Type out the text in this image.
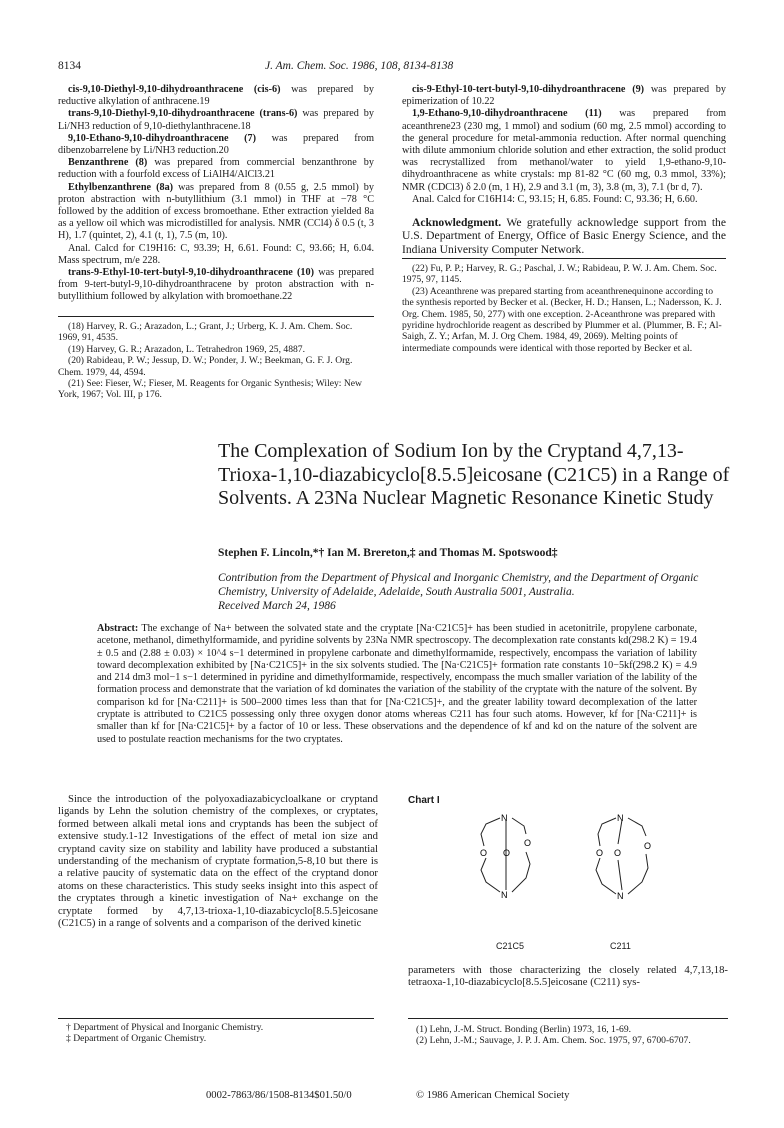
8134	J. Am. Chem. Soc. 1986, 108, 8134-8138

cis-9,10-Diethyl-9,10-dihydroanthracene (cis-6) was prepared by reductive alkylation of anthracene.19

trans-9,10-Diethyl-9,10-dihydroanthracene (trans-6) was prepared by Li/NH3 reduction of 9,10-diethylanthracene.18

9,10-Ethano-9,10-dihydroanthracene (7) was prepared from dibenzobarrelene by Li/NH3 reduction.20

Benzanthrene (8) was prepared from commercial benzanthrone by reduction with a fourfold excess of LiAlH4/AlCl3.21

Ethylbenzanthrene (8a) was prepared from 8 (0.55 g, 2.5 mmol) by proton abstraction with n-butyllithium (3.1 mmol) in THF at −78 °C followed by the addition of excess bromoethane. Ether extraction yielded 8a as a yellow oil which was microdistilled for analysis. NMR (CCl4) δ 0.5 (t, 3 H), 1.7 (quintet, 2), 4.1 (t, 1), 7.5 (m, 10).

Anal. Calcd for C19H16: C, 93.39; H, 6.61. Found: C, 93.66; H, 6.04. Mass spectrum, m/e 228.

trans-9-Ethyl-10-tert-butyl-9,10-dihydroanthracene (10) was prepared from 9-tert-butyl-9,10-dihydroanthracene by proton abstraction with n-butyllithium followed by alkylation with bromoethane.22

cis-9-Ethyl-10-tert-butyl-9,10-dihydroanthracene (9) was prepared by epimerization of 10.22

1,9-Ethano-9,10-dihydroanthracene (11) was prepared from aceanthrene23 (230 mg, 1 mmol) and sodium (60 mg, 2.5 mmol) according to the general procedure for metal-ammonia reduction. After normal quenching with dilute ammonium chloride solution and ether extraction, the solid product was recrystallized from methanol/water to yield 1,9-ethano-9,10-dihydroanthracene as white crystals: mp 81-82 °C (60 mg, 0.3 mmol, 33%); NMR (CDCl3) δ 2.0 (m, 1 H), 2.9 and 3.1 (m, 3), 3.8 (m, 3), 7.1 (br d, 7).

Anal. Calcd for C16H14: C, 93.15; H, 6.85. Found: C, 93.36; H, 6.60.

Acknowledgment. We gratefully acknowledge support from the U.S. Department of Energy, Office of Basic Energy Science, and the Indiana University Computer Network.

(18) Harvey, R. G.; Arazadon, L.; Grant, J.; Urberg, K. J. Am. Chem. Soc. 1969, 91, 4535.

(19) Harvey, G. R.; Arazadon, L. Tetrahedron 1969, 25, 4887.

(20) Rabideau, P. W.; Jessup, D. W.; Ponder, J. W.; Beekman, G. F. J. Org. Chem. 1979, 44, 4594.

(21) See: Fieser, W.; Fieser, M. Reagents for Organic Synthesis; Wiley: New York, 1967; Vol. III, p 176.

(22) Fu, P. P.; Harvey, R. G.; Paschal, J. W.; Rabideau, P. W. J. Am. Chem. Soc. 1975, 97, 1145.

(23) Aceanthrene was prepared starting from aceanthrenequinone according to the synthesis reported by Becker et al. (Becker, H. D.; Hansen, L.; Nadersson, K. J. Org. Chem. 1985, 50, 277) with one exception. 2-Aceanthrone was prepared with pyridine hydrochloride reagent as described by Plummer et al. (Plummer, B. F.; Al-Saigh, Z. Y.; Arfan, M. J. Org Chem. 1984, 49, 2069). Melting points of intermediate compounds were identical with those reported by Becker et al.

The Complexation of Sodium Ion by the Cryptand 4,7,13-Trioxa-1,10-diazabicyclo[8.5.5]eicosane (C21C5) in a Range of Solvents. A 23Na Nuclear Magnetic Resonance Kinetic Study
Stephen F. Lincoln,*† Ian M. Brereton,‡ and Thomas M. Spotswood‡
Contribution from the Department of Physical and Inorganic Chemistry, and the Department of Organic Chemistry, University of Adelaide, Adelaide, South Australia 5001, Australia.
Received March 24, 1986
Abstract: The exchange of Na+ between the solvated state and the cryptate [Na·C21C5]+ has been studied in acetonitrile, propylene carbonate, acetone, methanol, dimethylformamide, and pyridine solvents by 23Na NMR spectroscopy. The decomplexation rate constants kd(298.2 K) = 19.4 ± 0.5 and (2.88 ± 0.03) × 10^4 s−1 determined in propylene carbonate and dimethylformamide, respectively, encompass the variation of lability toward decomplexation exhibited by [Na·C21C5]+ in the six solvents studied. The [Na·C21C5]+ formation rate constants 10−5kf(298.2 K) = 4.9 and 214 dm3 mol−1 s−1 determined in pyridine and dimethylformamide, respectively, encompass the much smaller variation of the lability of the formation process and demonstrate that the variation of kd dominates the variation of the stability of the cryptate with the nature of the solvent. By comparison kd for [Na·C211]+ is 500–2000 times less than that for [Na·C21C5]+, and the greater lability toward decomplexation of the latter cryptate is attributed to C21C5 possessing only three oxygen donor atoms whereas C211 has four such atoms. However, kf for [Na·C211]+ is smaller than kf for [Na·C21C5]+ by a factor of 10 or less. These observations and the dependence of kf and kd on the nature of the solvent are used to postulate reaction mechanisms for the two cryptates.

Since the introduction of the polyoxadiazabicycloalkane or cryptand ligands by Lehn the solution chemistry of the complexes, or cryptates, formed between alkali metal ions and cryptands has been the subject of extensive study.1-12 Investigations of the effect of metal ion size and cryptand cavity size on stability and lability have produced a substantial understanding of the mechanism of cryptate formation,5-8,10 but there is a relative paucity of systematic data on the effect of the cryptand donor atoms on these characteristics. This study seeks insight into this aspect of the cryptates through a kinetic investigation of Na+ exchange on the cryptate formed by 4,7,13-trioxa-1,10-diazabicyclo[8.5.5]eicosane (C21C5) in a range of solvents and a comparison of the derived kinetic

Chart I
N
N
O O
O
N
N
O O
O
C21C5	C211

parameters with those characterizing the closely related 4,7,13,18-tetraoxa-1,10-diazabicyclo[8.5.5]eicosane (C211) sys-

† Department of Physical and Inorganic Chemistry.
‡ Department of Organic Chemistry.
(1) Lehn, J.-M. Struct. Bonding (Berlin) 1973, 16, 1-69.
(2) Lehn, J.-M.; Sauvage, J. P. J. Am. Chem. Soc. 1975, 97, 6700-6707.
0002-7863/86/1508-8134$01.50/0	© 1986 American Chemical Society
